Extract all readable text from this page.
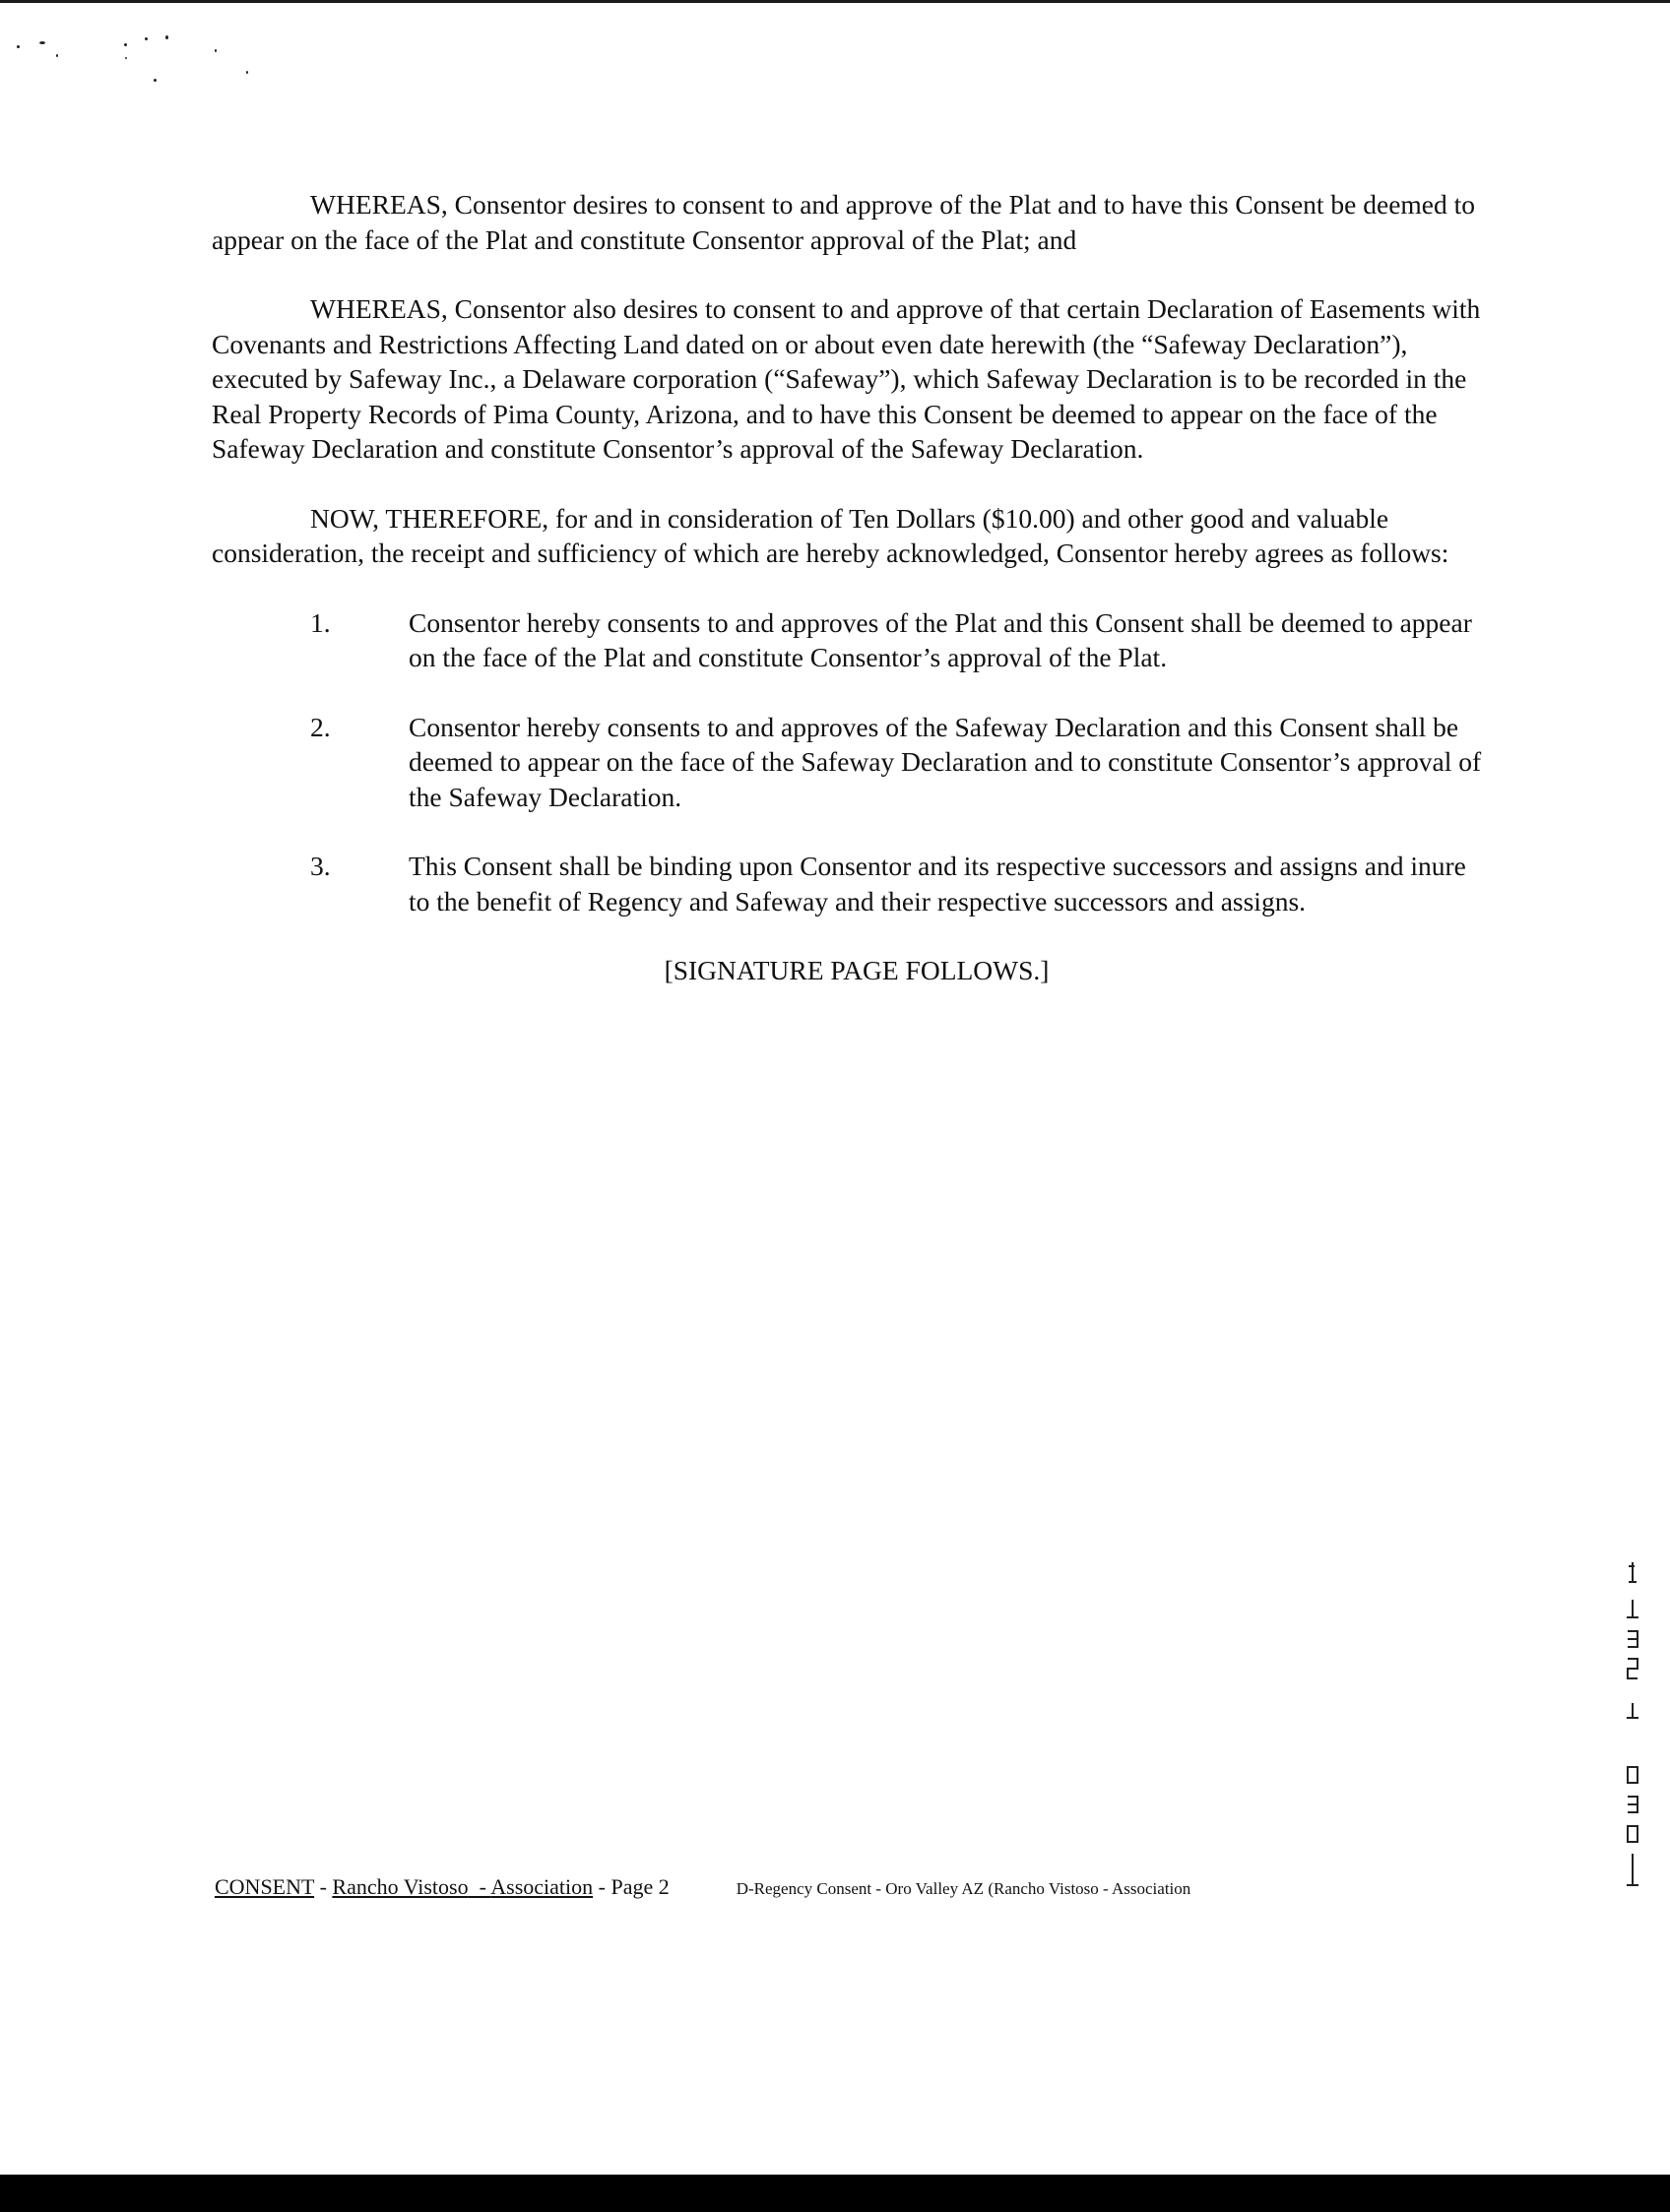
WHEREAS, Consentor desires to consent to and approve of the Plat and to have this Consent be deemed to appear on the face of the Plat and constitute Consentor approval of the Plat; and

WHEREAS, Consentor also desires to consent to and approve of that certain Declaration of Easements with Covenants and Restrictions Affecting Land dated on or about even date herewith (the “Safeway Declaration”), executed by Safeway Inc., a Delaware corporation (“Safeway”), which Safeway Declaration is to be recorded in the Real Property Records of Pima County, Arizona, and to have this Consent be deemed to appear on the face of the Safeway Declaration and constitute Consentor’s approval of the Safeway Declaration.

NOW, THEREFORE, for and in consideration of Ten Dollars ($10.00) and other good and valuable consideration, the receipt and sufficiency of which are hereby acknowledged, Consentor hereby agrees as follows:

1.	Consentor hereby consents to and approves of the Plat and this Consent shall be deemed to appear on the face of the Plat and constitute Consentor’s approval of the Plat.
2.	Consentor hereby consents to and approves of the Safeway Declaration and this Consent shall be deemed to appear on the face of the Safeway Declaration and to constitute Consentor’s approval of the Safeway Declaration.
3.	This Consent shall be binding upon Consentor and its respective successors and assigns and inure to the benefit of Regency and Safeway and their respective successors and assigns.
[SIGNATURE PAGE FOLLOWS.]
CONSENT - Rancho Vistoso  - Association - Page 2	D-Regency Consent - Oro Valley AZ (Rancho Vistoso - Association
